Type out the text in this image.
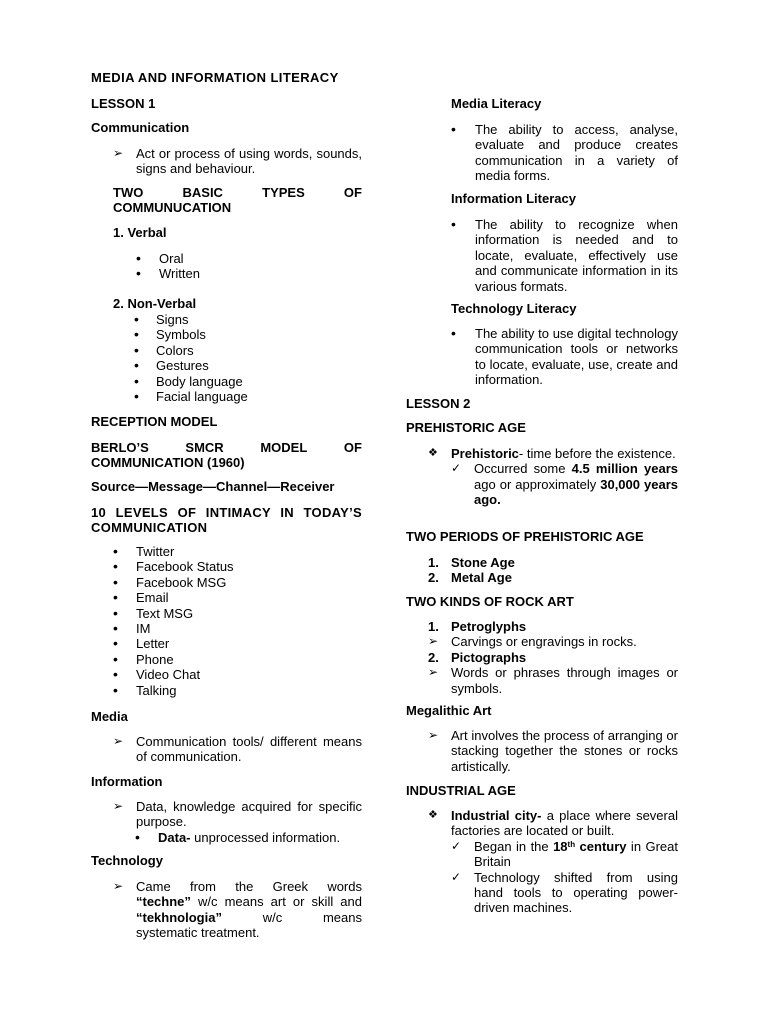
MEDIA AND INFORMATION LITERACY
LESSON 1
Communication
➢ Act or process of using words, sounds, signs and behaviour.
TWO	BASIC	TYPES	OF
COMMUNUCATION
1. Verbal
• Oral
• Written
2. Non-Verbal
• Signs
• Symbols
• Colors
• Gestures
• Body language
• Facial language
RECEPTION MODEL
BERLO’S	SMCR	MODEL	OF
COMMUNICATION (1960)
Source—Message—Channel—Receiver
10 LEVELS OF INTIMACY IN TODAY’S
COMMUNICATION
• Twitter
• Facebook Status
• Facebook MSG
• Email
• Text MSG
• IM
• Letter
• Phone
• Video Chat
• Talking
Media
➢ Communication tools/ different means of communication.
Information
➢ Data, knowledge acquired for specific purpose.
• Data- unprocessed information.
Technology
➢ Came from the Greek words
“techne” w/c means art or skill and
“tekhnologia” w/c means
systematic treatment.
Media Literacy
• The ability to access, analyse, evaluate and produce creates communication in a variety of media forms.
Information Literacy
• The ability to recognize when information is needed and to locate, evaluate, effectively use and communicate information in its various formats.
Technology Literacy
• The ability to use digital technology communication tools or networks to locate, evaluate, use, create and information.
LESSON 2
PREHISTORIC AGE
❖ Prehistoric- time before the existence.
✓ Occurred some 4.5 million years ago or approximately 30,000 years ago.
TWO PERIODS OF PREHISTORIC AGE
1. Stone Age
2. Metal Age
TWO KINDS OF ROCK ART
1. Petroglyphs
➢ Carvings or engravings in rocks.
2. Pictographs
➢ Words or phrases through images or symbols.
Megalithic Art
➢ Art involves the process of arranging or stacking together the stones or rocks artistically.
INDUSTRIAL AGE
❖ Industrial city- a place where several factories are located or built.
✓ Began in the 18th century in Great Britain
✓ Technology shifted from using hand tools to operating power-driven machines.
